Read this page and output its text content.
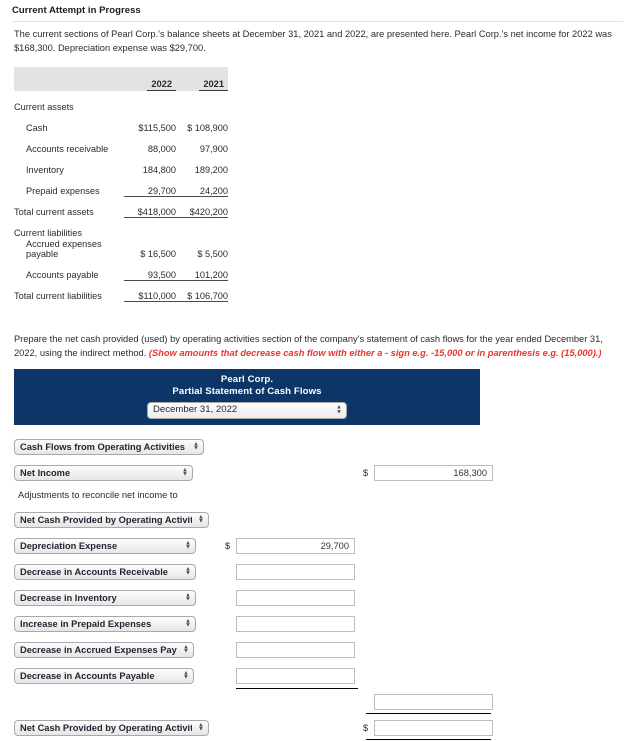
Current Attempt in Progress
The current sections of Pearl Corp.'s balance sheets at December 31, 2021 and 2022, are presented here. Pearl Corp.'s net income for 2022 was $168,300. Depreciation expense was $29,700.
	2022	2021
Current assets		
Cash	$115,500	$ 108,900
Accounts receivable	88,000	97,900
Inventory	184,800	189,200
Prepaid expenses	29,700	24,200
Total current assets	$418,000	$420,200
Current liabilities		
Accrued expenses payable	$ 16,500	$ 5,500
Accounts payable	93,500	101,200
Total current liabilities	$110,000	$ 106,700
Prepare the net cash provided (used) by operating activities section of the company's statement of cash flows for the year ended December 31, 2022, using the indirect method. (Show amounts that decrease cash flow with either a - sign e.g. -15,000 or in parenthesis e.g. (15,000).)
Pearl Corp.
Partial Statement of Cash Flows
December 31, 2022
▲
▼
Cash Flows from Operating Activities
▲
▼
Net Income
▲
▼	$
168,300
Adjustments to reconcile net income to
Net Cash Provided by Operating Activities
▲
▼
Depreciation Expense
▲
▼	$
29,700
Decrease in Accounts Receivable
▲
▼
Decrease in Inventory
▲
▼
Increase in Prepaid Expenses
▲
▼
Decrease in Accrued Expenses Payable
▲
▼
Decrease in Accounts Payable
▲
▼
Net Cash Provided by Operating Activities
▲
▼	$
